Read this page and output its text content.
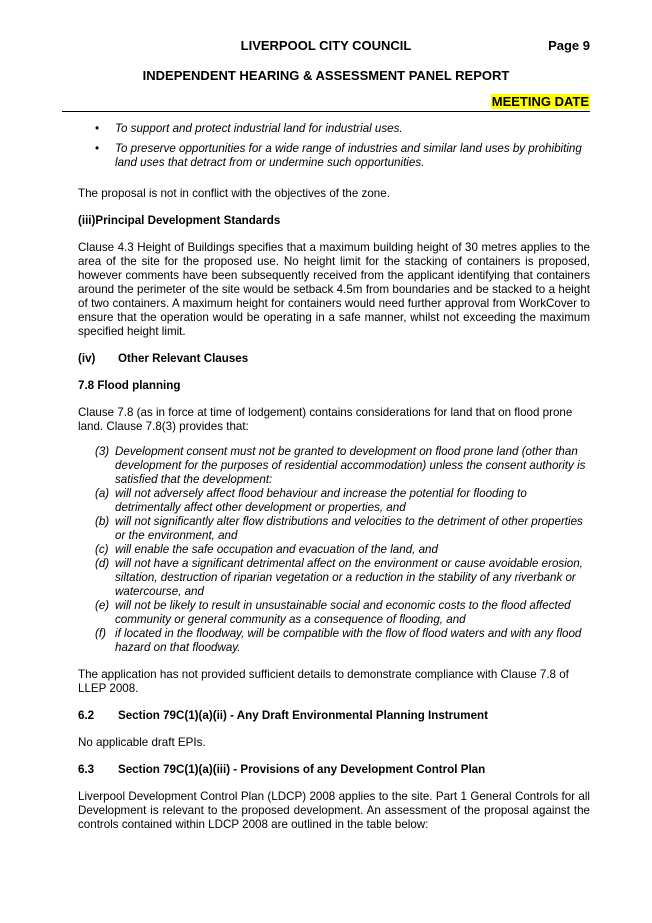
LIVERPOOL CITY COUNCIL	Page 9
INDEPENDENT HEARING & ASSESSMENT PANEL REPORT
MEETING DATE
• To support and protect industrial land for industrial uses.
• To preserve opportunities for a wide range of industries and similar land uses by prohibiting land uses that detract from or undermine such opportunities.

The proposal is not in conflict with the objectives of the zone.

(iii)Principal Development Standards

Clause 4.3 Height of Buildings specifies that a maximum building height of 30 metres applies to the area of the site for the proposed use. No height limit for the stacking of containers is proposed, however comments have been subsequently received from the applicant identifying that containers around the perimeter of the site would be setback 4.5m from boundaries and be stacked to a height of two containers. A maximum height for containers would need further approval from WorkCover to ensure that the operation would be operating in a safe manner, whilst not exceeding the maximum specified height limit.

(iv) Other Relevant Clauses

7.8 Flood planning

Clause 7.8 (as in force at time of lodgement) contains considerations for land that on flood prone land. Clause 7.8(3) provides that:

(3) Development consent must not be granted to development on flood prone land (other than development for the purposes of residential accommodation) unless the consent authority is satisfied that the development:
(a) will not adversely affect flood behaviour and increase the potential for flooding to detrimentally affect other development or properties, and
(b) will not significantly alter flow distributions and velocities to the detriment of other properties or the environment, and
(c) will enable the safe occupation and evacuation of the land, and
(d) will not have a significant detrimental affect on the environment or cause avoidable erosion, siltation, destruction of riparian vegetation or a reduction in the stability of any riverbank or watercourse, and
(e) will not be likely to result in unsustainable social and economic costs to the flood affected community or general community as a consequence of flooding, and
(f) if located in the floodway, will be compatible with the flow of flood waters and with any flood hazard on that floodway.

The application has not provided sufficient details to demonstrate compliance with Clause 7.8 of LLEP 2008.

6.2 Section 79C(1)(a)(ii) - Any Draft Environmental Planning Instrument

No applicable draft EPIs.

6.3 Section 79C(1)(a)(iii) - Provisions of any Development Control Plan

Liverpool Development Control Plan (LDCP) 2008 applies to the site. Part 1 General Controls for all Development is relevant to the proposed development. An assessment of the proposal against the controls contained within LDCP 2008 are outlined in the table below:
